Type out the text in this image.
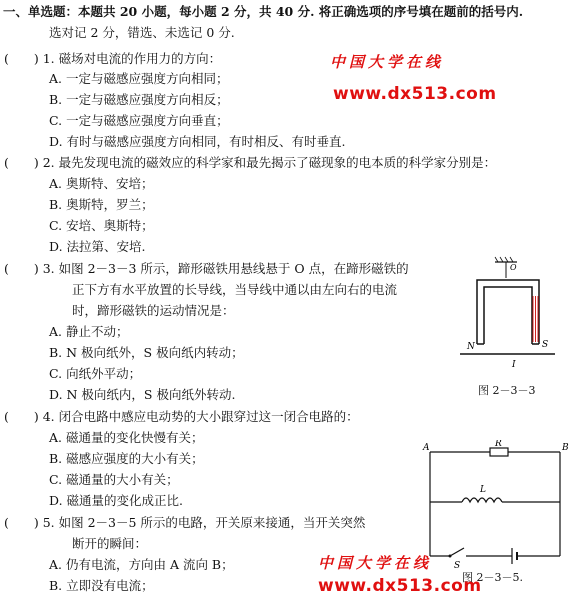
一、单选题：本题共 20 小题，每小题 2 分，共 40 分. 将正确选项的序号填在题前的括号内.
选对记 2 分，错选、未选记 0 分.
(　　) 1. 磁场对电流的作用力的方向：
A. 一定与磁感应强度方向相同；
B. 一定与磁感应强度方向相反；
C. 一定与磁感应强度方向垂直；
D. 有时与磁感应强度方向相同，有时相反、有时垂直.
(　　) 2. 最先发现电流的磁效应的科学家和最先揭示了磁现象的电本质的科学家分别是：
A. 奥斯特、安培；
B. 奥斯特，罗兰；
C. 安培、奥斯特；
D. 法拉第、安培.
(　　) 3. 如图 2－3－3 所示，蹄形磁铁用悬线悬于 O 点，在蹄形磁铁的
正下方有水平放置的长导线，当导线中通以由左向右的电流
时，蹄形磁铁的运动情况是：
A. 静止不动；
B. N 极向纸外，S 极向纸内转动；
C. 向纸外平动；
D. N 极向纸内，S 极向纸外转动.
(　　) 4. 闭合电路中感应电动势的大小跟穿过这一闭合电路的：
A. 磁通量的变化快慢有关；
B. 磁感应强度的大小有关；
C. 磁通量的大小有关；
D. 磁通量的变化成正比.
(　　) 5. 如图 2－3－5 所示的电路，开关原来接通，当开关突然
断开的瞬间：
A. 仍有电流，方向由 A 流向 B；
B. 立即没有电流；
中国大学在线
www.dx513.com
中国大学在线
www.dx513.com
N	S
I
O
图 2－3－3
A	B
R
L
S
图 2－3－5.
